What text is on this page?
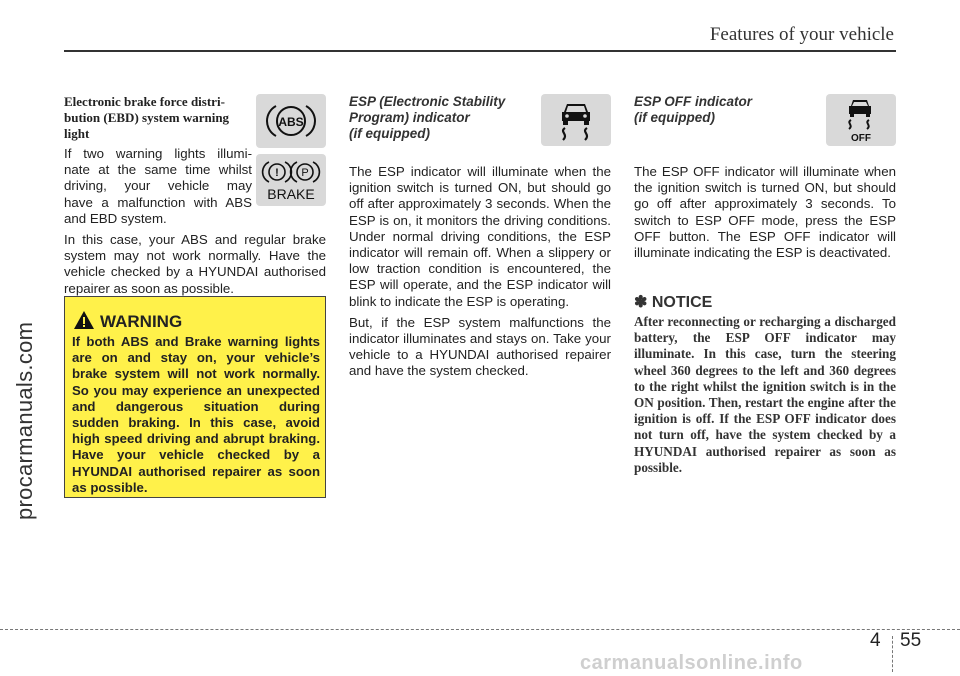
Features of your vehicle
procarmanuals.com
Electronic brake force distri-
bution (EBD) system warning
light
If two warning lights illumi-
nate at the same time whilst
driving, your vehicle may
have a malfunction with ABS
and EBD system.

In this case, your ABS and regular brake system may not work normally. Have the vehicle checked by a HYUNDAI authorised repairer as soon as possible.

ABS
! P
BRAKE
WARNING
If both ABS and Brake warning lights are on and stay on, your vehicle’s brake system will not work normally. So you may experience an unexpected and dangerous situation during sudden braking. In this case, avoid high speed driving and abrupt braking. Have your vehicle checked by a HYUNDAI authorised repairer as soon as possible.
ESP (Electronic Stability
Program) indicator
(if equipped)

The ESP indicator will illuminate when the ignition switch is turned ON, but should go off after approximately 3 seconds. When the ESP is on, it monitors the driving conditions. Under normal driving conditions, the ESP indicator will remain off. When a slippery or low traction condition is encountered, the ESP will operate, and the ESP indicator will blink to indicate the ESP is operating.

But, if the ESP system malfunctions the indicator illuminates and stays on. Take your vehicle to a HYUNDAI authorised repairer and have the system checked.

ESP OFF indicator
(if equipped)

The ESP OFF indicator will illuminate when the ignition switch is turned ON, but should go off after approximately 3 seconds. To switch to ESP OFF mode, press the ESP OFF button. The ESP OFF indicator will illuminate indicating the ESP is deactivated.

OFF
✽ NOTICE
After reconnecting or recharging a discharged battery, the ESP OFF indicator may illuminate. In this case, turn the steering wheel 360 degrees to the left and 360 degrees to the right whilst the ignition switch is in the ON position. Then, restart the engine after the ignition is off. If the ESP OFF indicator does not turn off, have the system checked by a HYUNDAI authorised repairer as soon as possible.
4 55
carmanualsonline.info
